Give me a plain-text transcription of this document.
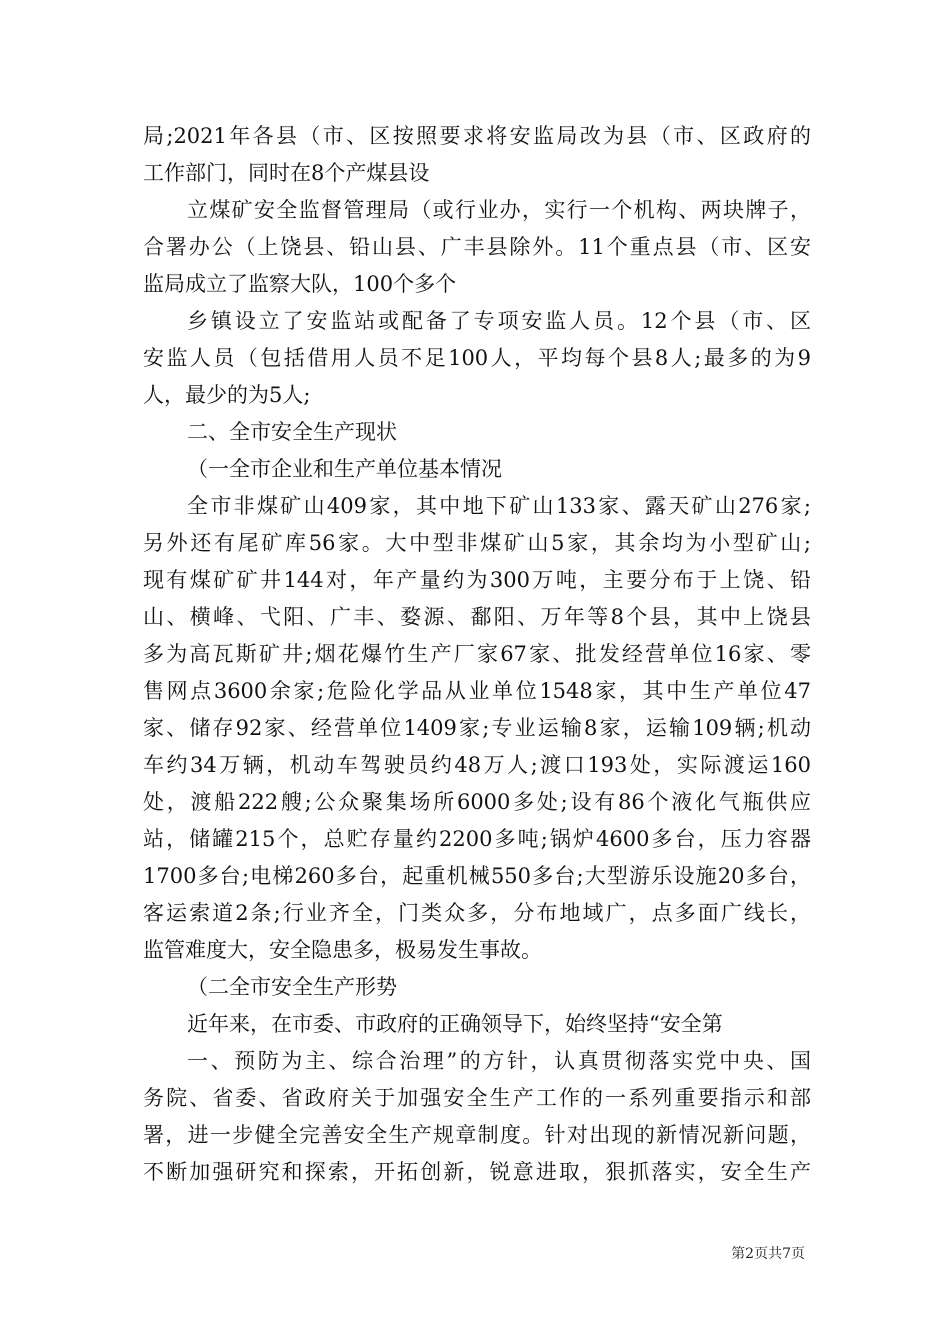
局;2021年各县（市、区按照要求将安监局改为县（市、区政府的
工作部门，同时在8个产煤县设
立煤矿安全监督管理局（或行业办，实行一个机构、两块牌子，
合署办公（上饶县、铅山县、广丰县除外。11个重点县（市、区安
监局成立了监察大队，100个多个
乡镇设立了安监站或配备了专项安监人员。12个县（市、区
安监人员（包括借用人员不足100人，平均每个县8人;最多的为9
人，最少的为5人;
二、全市安全生产现状
（一全市企业和生产单位基本情况
全市非煤矿山409家，其中地下矿山133家、露天矿山276家;
另外还有尾矿库56家。大中型非煤矿山5家，其余均为小型矿山;
现有煤矿矿井144对，年产量约为300万吨，主要分布于上饶、铅
山、横峰、弋阳、广丰、婺源、鄱阳、万年等8个县，其中上饶县
多为高瓦斯矿井;烟花爆竹生产厂家67家、批发经营单位16家、零
售网点3600余家;危险化学品从业单位1548家，其中生产单位47
家、储存92家、经营单位1409家;专业运输8家，运输109辆;机动
车约34万辆，机动车驾驶员约48万人;渡口193处，实际渡运160
处，渡船222艘;公众聚集场所6000多处;设有86个液化气瓶供应
站，储罐215个，总贮存量约2200多吨;锅炉4600多台，压力容器
1700多台;电梯260多台，起重机械550多台;大型游乐设施20多台，
客运索道2条;行业齐全，门类众多，分布地域广，点多面广线长，
监管难度大，安全隐患多，极易发生事故。
（二全市安全生产形势
近年来，在市委、市政府的正确领导下，始终坚持“安全第
一、预防为主、综合治理”的方针，认真贯彻落实党中央、国
务院、省委、省政府关于加强安全生产工作的一系列重要指示和部
署，进一步健全完善安全生产规章制度。针对出现的新情况新问题，
不断加强研究和探索，开拓创新，锐意进取，狠抓落实，安全生产
第2页共7页
